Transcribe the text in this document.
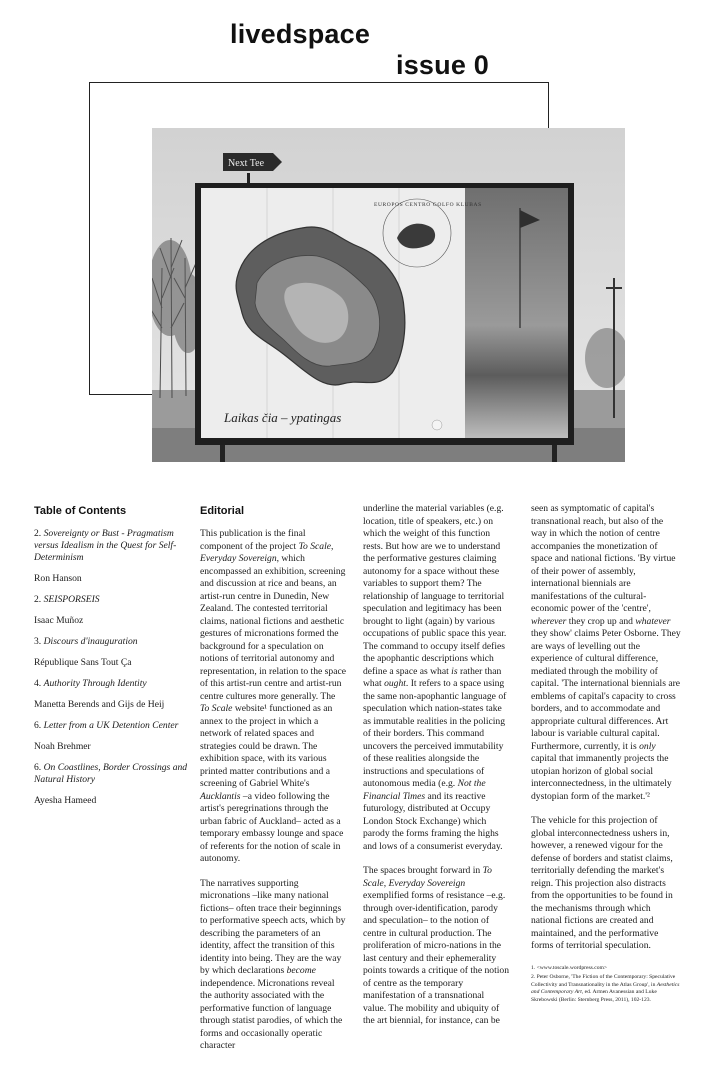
livedspace
issue 0
Next Tee
EUROPOS CENTRO GOLFO KLUBAS
Laikas čia – ypatingas
Table of Contents
2. Sovereignty or Bust - Pragmatism versus Idealism in the Quest for Self-Determinism
Ron Hanson
2. SEISPORSEIS
Isaac Muñoz
3. Discours d'inauguration
République Sans Tout Ça
4. Authority Through Identity
Manetta Berends and Gijs de Heij
6. Letter from a UK Detention Center
Noah Brehmer
6. On Coastlines, Border Crossings and Natural History
Ayesha Hameed
Editorial

This publication is the final component of the project To Scale, Everyday Sovereign, which encompassed an exhibition, screening and discussion at rice and beans, an artist-run centre in Dunedin, New Zealand. The contested territorial claims, national fictions and aesthetic gestures of micronations formed the background for a speculation on notions of territorial autonomy and representation, in relation to the space of this artist-run centre and artist-run centre cultures more generally. The To Scale website¹ functioned as an annex to the project in which a network of related spaces and strategies could be drawn. The exhibition space, with its various printed matter contributions and a screening of Gabriel White's Aucklantis –a video following the artist's peregrinations through the urban fabric of Auckland– acted as a temporary embassy lounge and space of referents for the notion of scale in autonomy.

The narratives supporting micronations –like many national fictions– often trace their beginnings to performative speech acts, which by describing the parameters of an identity, affect the transition of this identity into being. They are the way by which declarations become independence. Micronations reveal the authority associated with the performative function of language through statist parodies, of which the forms and occasionally operatic character

underline the material variables (e.g. location, title of speakers, etc.) on which the weight of this function rests. But how are we to understand the performative gestures claiming autonomy for a space without these variables to support them? The relationship of language to territorial speculation and legitimacy has been brought to light (again) by various occupations of public space this year. The command to occupy itself defies the apophantic descriptions which define a space as what is rather than what ought. It refers to a space using the same non-apophantic language of speculation which nation-states take as immutable realities in the policing of their borders. This command uncovers the perceived immutability of these realities alongside the instructions and speculations of autonomous media (e.g. Not the Financial Times and its reactive futurology, distributed at Occupy London Stock Exchange) which parody the forms framing the highs and lows of a consumerist everyday.

The spaces brought forward in To Scale, Everyday Sovereign exemplified forms of resistance –e.g. through over-identification, parody and speculation– to the notion of centre in cultural production. The proliferation of micro-nations in the last century and their ephemerality points towards a critique of the notion of centre as the temporary manifestation of a transnational value. The mobility and ubiquity of the art biennial, for instance, can be

seen as symptomatic of capital's transnational reach, but also of the way in which the notion of centre accompanies the monetization of space and national fictions. 'By virtue of their power of assembly, international biennials are manifestations of the cultural-economic power of the 'centre', wherever they crop up and whatever they show' claims Peter Osborne. They are ways of levelling out the experience of cultural difference, mediated through the mobility of capital. 'The international biennials are emblems of capital's capacity to cross borders, and to accommodate and appropriate cultural differences. Art labour is variable cultural capital. Furthermore, currently, it is only capital that immanently projects the utopian horizon of global social interconnectedness, in the ultimately dystopian form of the market.'²

The vehicle for this projection of global interconnectedness ushers in, however, a renewed vigour for the defense of borders and statist claims, territorially defending the market's reign. This projection also distracts from the opportunities to be found in the mechanisms through which national fictions are created and maintained, and the performative forms of territorial speculation.

1. <www.toscale.wordpress.com>
2. Peter Osborne, 'The Fiction of the Contemporary: Speculative Collectivity and Transnationality in the Atlas Group', in Aesthetics and Contemporary Art, ed. Armen Avanessian and Luke Skrebowski (Berlin: Sternberg Press, 2011), 102-123.
